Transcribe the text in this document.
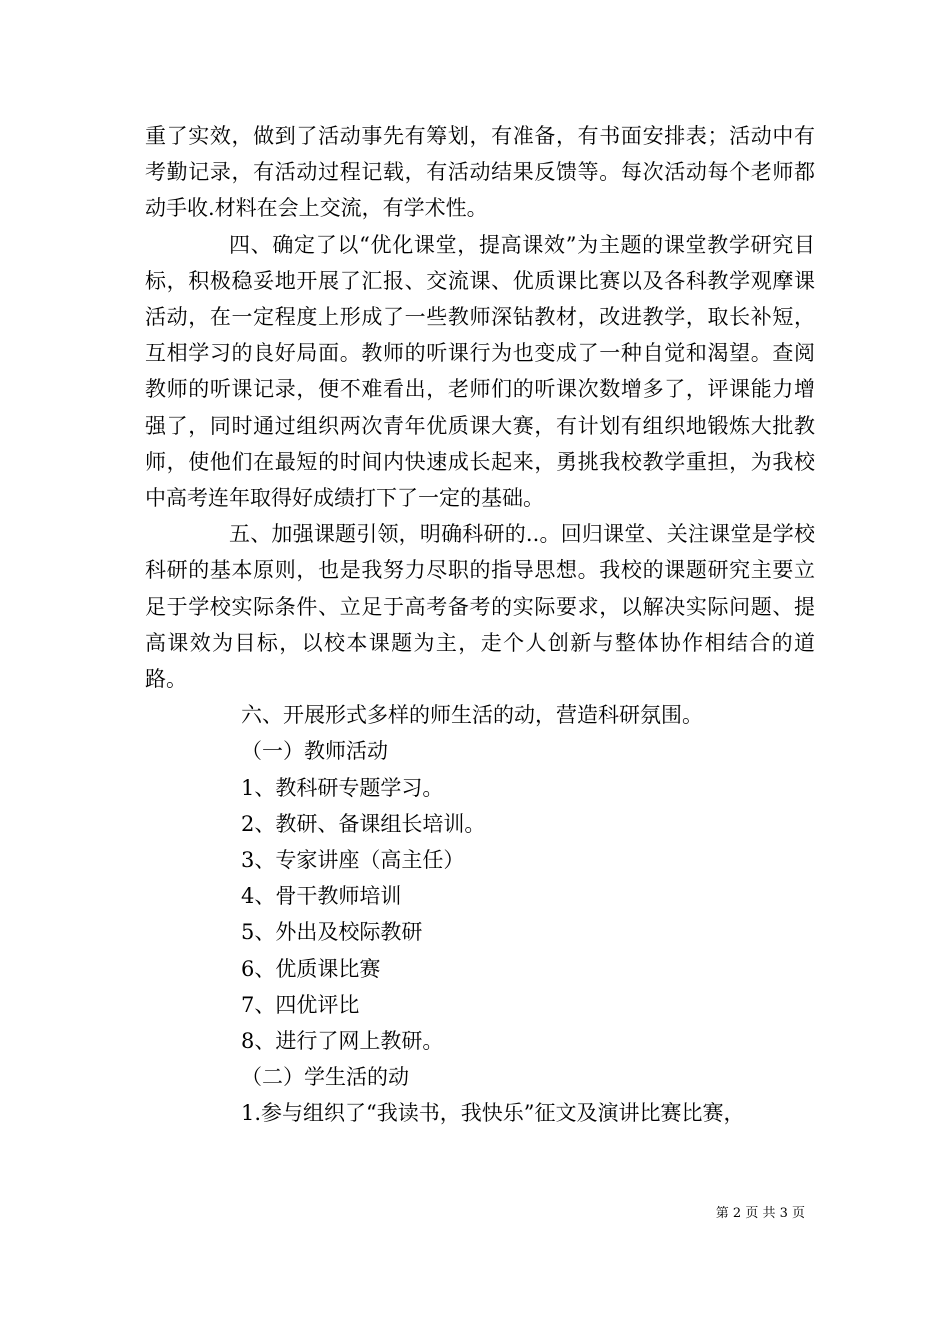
重了实效，做到了活动事先有筹划，有准备，有书面安排表；活动中有考勤记录，有活动过程记载，有活动结果反馈等。每次活动每个老师都动手收.材料在会上交流，有学术性。

四、确定了以“优化课堂，提高课效”为主题的课堂教学研究目标，积极稳妥地开展了汇报、交流课、优质课比赛以及各科教学观摩课活动，在一定程度上形成了一些教师深钻教材，改进教学，取长补短，互相学习的良好局面。教师的听课行为也变成了一种自觉和渴望。查阅教师的听课记录，便不难看出，老师们的听课次数增多了，评课能力增强了，同时通过组织两次青年优质课大赛，有计划有组织地锻炼大批教师，使他们在最短的时间内快速成长起来，勇挑我校教学重担，为我校中高考连年取得好成绩打下了一定的基础。

五、加强课题引领，明确科研的..。回归课堂、关注课堂是学校科研的基本原则，也是我努力尽职的指导思想。我校的课题研究主要立足于学校实际条件、立足于高考备考的实际要求，以解决实际问题、提高课效为目标，以校本课题为主，走个人创新与整体协作相结合的道路。

六、开展形式多样的师生活的动，营造科研氛围。

（一）教师活动

1、教科研专题学习。

2、教研、备课组长培训。

3、专家讲座（高主任）

4、骨干教师培训

5、外出及校际教研

6、优质课比赛

7、四优评比

8、进行了网上教研。

（二）学生活的动

1.参与组织了“我读书，我快乐”征文及演讲比赛比赛，

第 2 页 共 3 页
